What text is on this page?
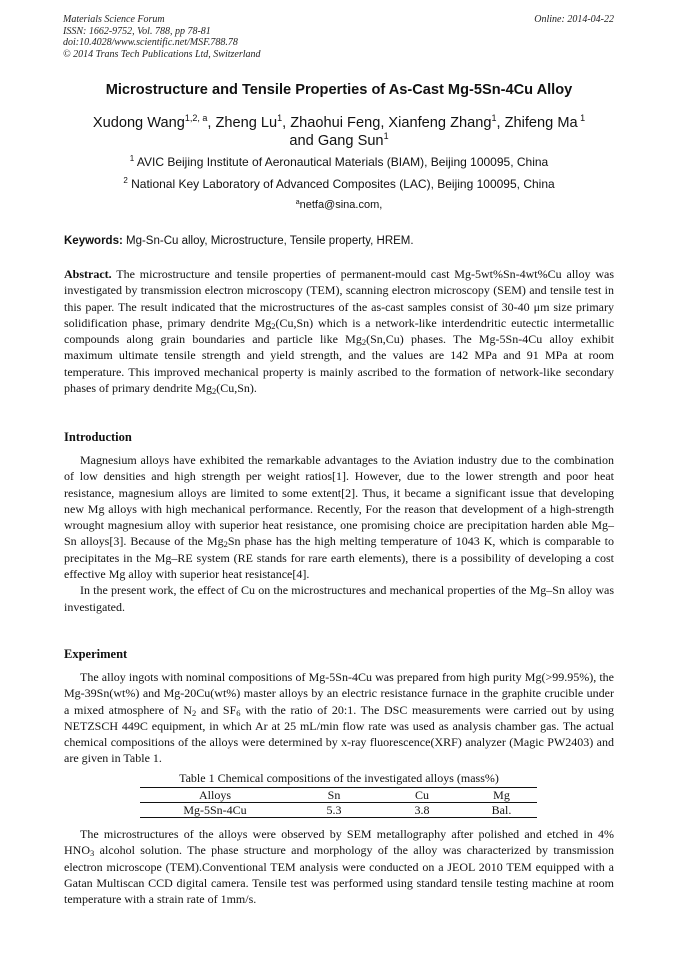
Materials Science Forum
ISSN: 1662-9752, Vol. 788, pp 78-81
doi:10.4028/www.scientific.net/MSF.788.78
© 2014 Trans Tech Publications Ltd, Switzerland
Online: 2014-04-22
Microstructure and Tensile Properties of As-Cast Mg-5Sn-4Cu Alloy
Xudong Wang$^{1,2, a}$, Zheng Lu$^1$, Zhaohui Feng, Xianfeng Zhang$^1$, Zhifeng Ma $^1$
and Gang Sun$^1$
$^1$ AVIC Beijing Institute of Aeronautical Materials (BIAM), Beijing 100095, China
$^2$ National Key Laboratory of Advanced Composites (LAC), Beijing 100095, China
$^a$netfa@sina.com,
Keywords: Mg-Sn-Cu alloy, Microstructure, Tensile property, HREM.

Abstract. The microstructure and tensile properties of permanent-mould cast Mg-5wt%Sn-4wt%Cu alloy was investigated by transmission electron microscopy (TEM), scanning electron microscopy (SEM) and tensile test in this paper. The result indicated that the microstructures of the as-cast samples consist of 30-40 μm size primary solidification phase, primary dendrite $Mg_2(Cu,Sn)$ which is a network-like interdendritic eutectic intermetallic compounds along grain boundaries and particle like $Mg_2(Sn,Cu)$ phases. The Mg-5Sn-4Cu alloy exhibit maximum ultimate tensile strength and yield strength, and the values are 142 MPa and 91 MPa at room temperature. This improved mechanical property is mainly ascribed to the formation of network-like secondary phases of primary dendrite $Mg_2(Cu,Sn)$.

Introduction

Magnesium alloys have exhibited the remarkable advantages to the Aviation industry due to the combination of low densities and high strength per weight ratios[1]. However, due to the lower strength and poor heat resistance, magnesium alloys are limited to some extent[2]. Thus, it became a significant issue that developing new Mg alloys with high mechanical performance. Recently, For the reason that development of a high-strength wrought magnesium alloy with superior heat resistance, one promising choice are precipitation harden able Mg–Sn alloys[3]. Because of the $Mg_2Sn$ phase has the high melting temperature of 1043 K, which is comparable to precipitates in the Mg–RE system (RE stands for rare earth elements), there is a possibility of developing a cost effective Mg alloy with superior heat resistance[4].

In the present work, the effect of Cu on the microstructures and mechanical properties of the Mg–Sn alloy was investigated.

Experiment

The alloy ingots with nominal compositions of Mg-5Sn-4Cu was prepared from high purity Mg(>99.95%), the Mg-39Sn(wt%) and Mg-20Cu(wt%) master alloys by an electric resistance furnace in the graphite crucible under a mixed atmosphere of $N_2$ and $SF_6$ with the ratio of 20:1. The DSC measurements were carried out by using NETZSCH 449C equipment, in which Ar at 25 mL/min flow rate was used as analysis chamber gas. The actual chemical compositions of the alloys were determined by x-ray fluorescence(XRF) analyzer (Magic PW2403) and are given in Table 1.

Table 1 Chemical compositions of the investigated alloys (mass%)
Alloys	Sn	Cu	Mg
Mg-5Sn-4Cu	5.3	3.8	Bal.

The microstructures of the alloys were observed by SEM metallography after polished and etched in 4% $HNO_3$ alcohol solution. The phase structure and morphology of the alloy was characterized by transmission electron microscope (TEM).Conventional TEM analysis were conducted on a JEOL 2010 TEM equipped with a Gatan Multiscan CCD digital camera. Tensile test was performed using standard tensile testing machine at room temperature with a strain rate of 1mm/s.
